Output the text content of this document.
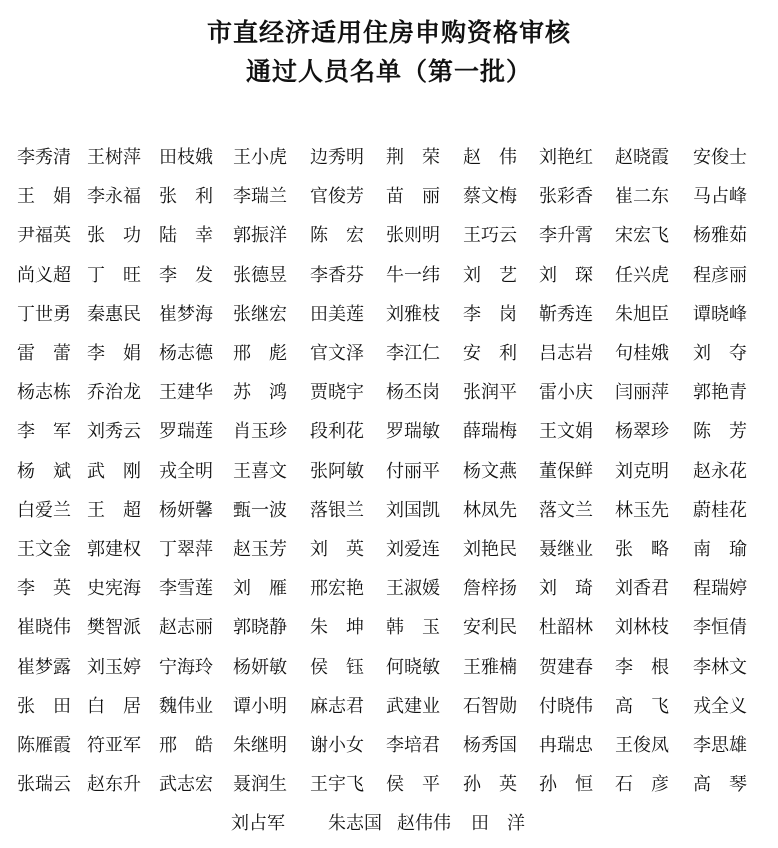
市直经济适用住房申购资格审核
通过人员名单（第一批）
李秀清 王树萍	田枝娥	王小虎	边秀明	荆　荣	赵　伟	刘艳红	赵晓霞	安俊士
王　娟 李永福	张　利	李瑞兰	官俊芳	苗　丽	蔡文梅	张彩香	崔二东	马占峰
尹福英 张　功	陆　幸	郭振洋	陈　宏	张则明	王巧云	李升霄	宋宏飞	杨雅茹
尚义超 丁　旺	李　发	张德昱	李香芬	牛一纬	刘　艺	刘　琛	任兴虎	程彦丽
丁世勇 秦惠民	崔梦海	张继宏	田美莲	刘雅枝	李　岗	靳秀连	朱旭臣	谭晓峰
雷　蕾 李　娟	杨志德	邢　彪	官文泽	李江仁	安　利	吕志岩	句桂娥	刘　夺
杨志栋 乔治龙	王建华	苏　鸿	贾晓宇	杨丕岗	张润平	雷小庆	闫丽萍	郭艳青
李　军 刘秀云	罗瑞莲	肖玉珍	段利花	罗瑞敏	薛瑞梅	王文娟	杨翠珍	陈　芳
杨　斌 武　刚	戎全明	王喜文	张阿敏	付丽平	杨文燕	董保鲜	刘克明	赵永花
白爱兰 王　超	杨妍馨	甄一波	落银兰	刘国凯	林凤先	落文兰	林玉先	蔚桂花
王文金 郭建权	丁翠萍	赵玉芳	刘　英	刘爱连	刘艳民	聂继业	张　略	南　瑜
李　英 史宪海	李雪莲	刘　雁	邢宏艳	王淑媛	詹梓扬	刘　琦	刘香君	程瑞婷
崔晓伟 樊智派	赵志丽	郭晓静	朱　坤	韩　玉	安利民	杜韶林	刘林枝	李恒倩
崔梦露 刘玉婷	宁海玲	杨妍敏	侯　钰	何晓敏	王雅楠	贺建春	李　根	李林文
张　田 白　居	魏伟业	谭小明	麻志君	武建业	石智勋	付晓伟	高　飞	戎全义
陈雁霞 符亚军	邢　皓	朱继明	谢小女	李培君	杨秀国	冉瑞忠	王俊凤	李思雄
张瑞云 赵东升	武志宏	聂润生	王宇飞	侯　平	孙　英	孙　恒	石　彦	高　琴
刘占军	朱志国 赵伟伟	田　洋
